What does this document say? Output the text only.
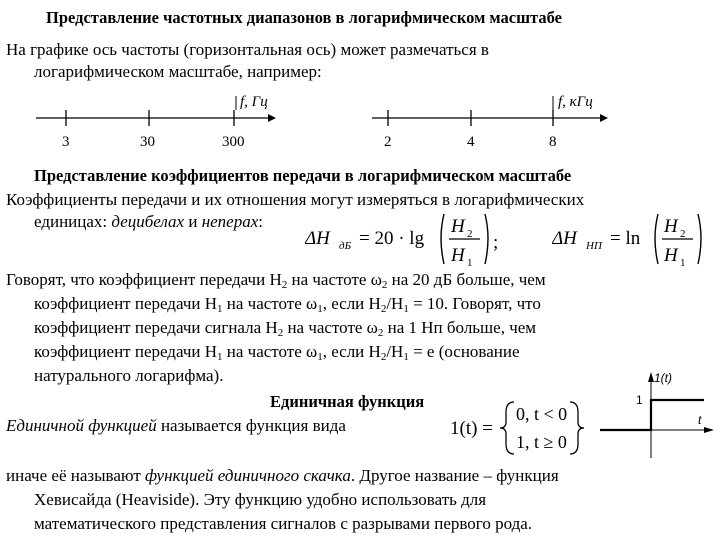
Представление частотных диапазонов в логарифмическом масштабе
На графике ось частоты (горизонтальная ось) может размечаться в
логарифмическом масштабе, например:
f, Гц
3	30	300
f, кГц
2	4	8
Представление коэффициентов передачи в логарифмическом масштабе
Коэффициенты передачи и их отношения могут измеряться в логарифмических
единицах: децибелах и неперах:
ΔH дБ = 20 · lg
H 2
H 1
;	ΔH НП = ln
H 2
H 1
Говорят, что коэффициент передачи $H_2$ на частоте $\omega_2$ на 20 дБ больше, чем
коэффициент передачи $H_1$ на частоте $\omega_1$, если $H_2/H_1 = 10$. Говорят, что
коэффициент передачи сигнала $H_2$ на частоте $\omega_2$ на 1 Нп больше, чем
коэффициент передачи $H_1$ на частоте $\omega_1$, если $H_2/H_1 = e$ (основание
натурального логарифма).
Единичная функция
Единичной функцией называется функция вида	1(t) =
0, t < 0
1, t ≥ 0
1(t)
1
t
иначе её называют функцией единичного скачка. Другое название – функция
Хевисайда (Heaviside). Эту функцию удобно использовать для
математического представления сигналов с разрывами первого рода.
